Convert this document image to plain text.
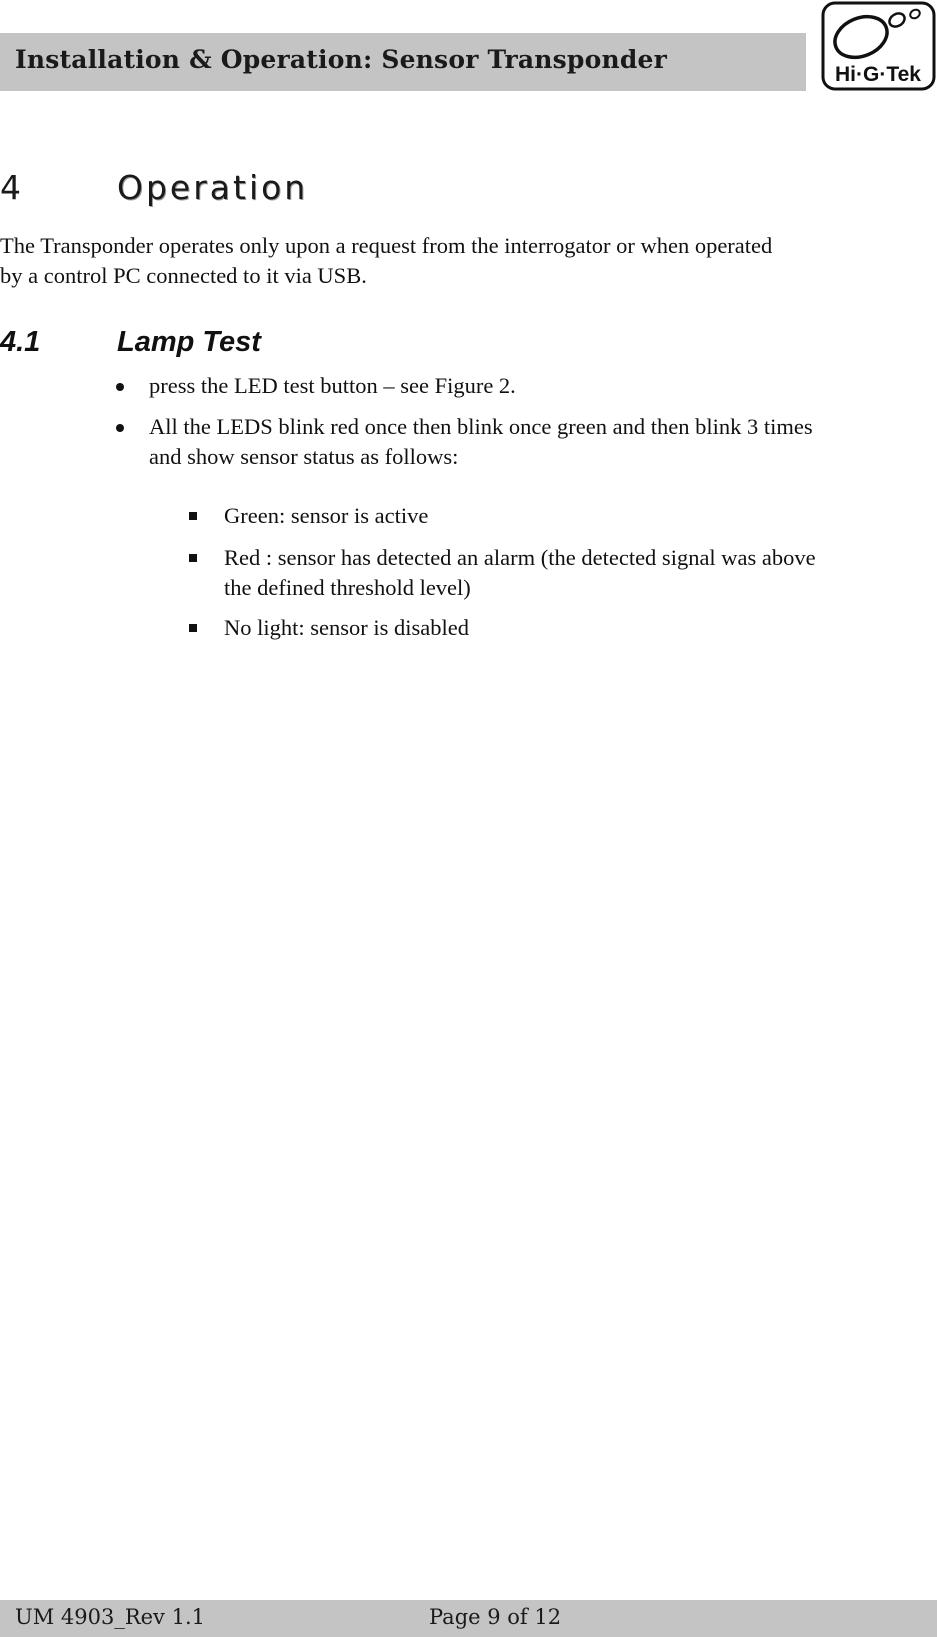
Installation & Operation: Sensor Transponder
Hi·G·Tek
4	Operation
The Transponder operates only upon a request from the interrogator or when operated
by a control PC connected to it via USB.
4.1	Lamp Test
press the LED test button – see Figure 2.
All the LEDS blink red once then blink once green and then blink 3 times
and show sensor status as follows:
Green: sensor is active
Red : sensor has detected an alarm (the detected signal was above
the defined threshold level)
No light: sensor is disabled
UM 4903_Rev 1.1	Page 9 of 12
